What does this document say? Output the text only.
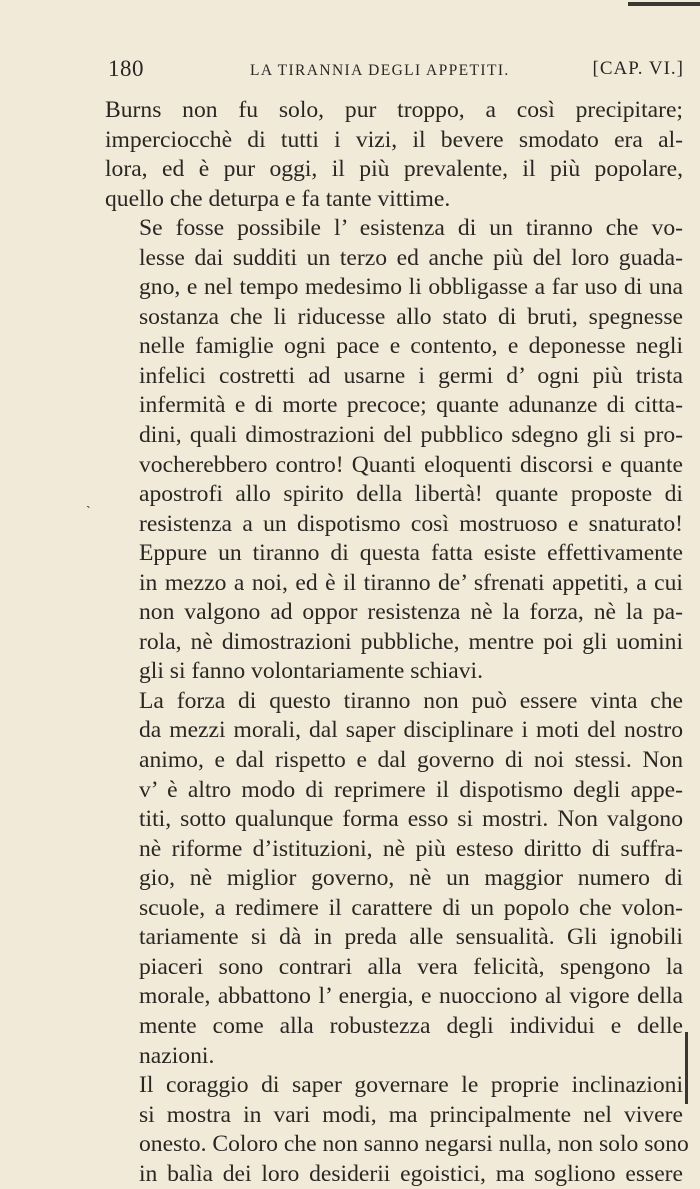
180	LA TIRANNIA DEGLI APPETITI.	[CAP. VI.]
ˎ

Burns non fu solo, pur troppo, a così precipitare;
imperciocchè di tutti i vizi, il bevere smodato era al-
lora, ed è pur oggi, il più prevalente, il più popolare,
quello che deturpa e fa tante vittime.

Se fosse possibile l’ esistenza di un tiranno che vo-
lesse dai sudditi un terzo ed anche più del loro guada-
gno, e nel tempo medesimo li obbligasse a far uso di una
sostanza che li riducesse allo stato di bruti, spegnesse
nelle famiglie ogni pace e contento, e deponesse negli
infelici costretti ad usarne i germi d’ ogni più trista
infermità e di morte precoce; quante adunanze di citta-
dini, quali dimostrazioni del pubblico sdegno gli si pro-
vocherebbero contro! Quanti eloquenti discorsi e quante
apostrofi allo spirito della libertà! quante proposte di
resistenza a un dispotismo così mostruoso e snaturato!
Eppure un tiranno di questa fatta esiste effettivamente
in mezzo a noi, ed è il tiranno de’ sfrenati appetiti, a cui
non valgono ad oppor resistenza nè la forza, nè la pa-
rola, nè dimostrazioni pubbliche, mentre poi gli uomini
gli si fanno volontariamente schiavi.

La forza di questo tiranno non può essere vinta che
da mezzi morali, dal saper disciplinare i moti del nostro
animo, e dal rispetto e dal governo di noi stessi. Non
v’ è altro modo di reprimere il dispotismo degli appe-
titi, sotto qualunque forma esso si mostri. Non valgono
nè riforme d’istituzioni, nè più esteso diritto di suffra-
gio, nè miglior governo, nè un maggior numero di
scuole, a redimere il carattere di un popolo che volon-
tariamente si dà in preda alle sensualità. Gli ignobili
piaceri sono contrari alla vera felicità, spengono la
morale, abbattono l’ energia, e nuocciono al vigore della
mente come alla robustezza degli individui e delle
nazioni.

Il coraggio di saper governare le proprie inclinazioni
si mostra in vari modi, ma principalmente nel vivere
onesto. Coloro che non sanno negarsi nulla, non solo sono
in balìa dei loro desiderii egoistici, ma sogliono essere
